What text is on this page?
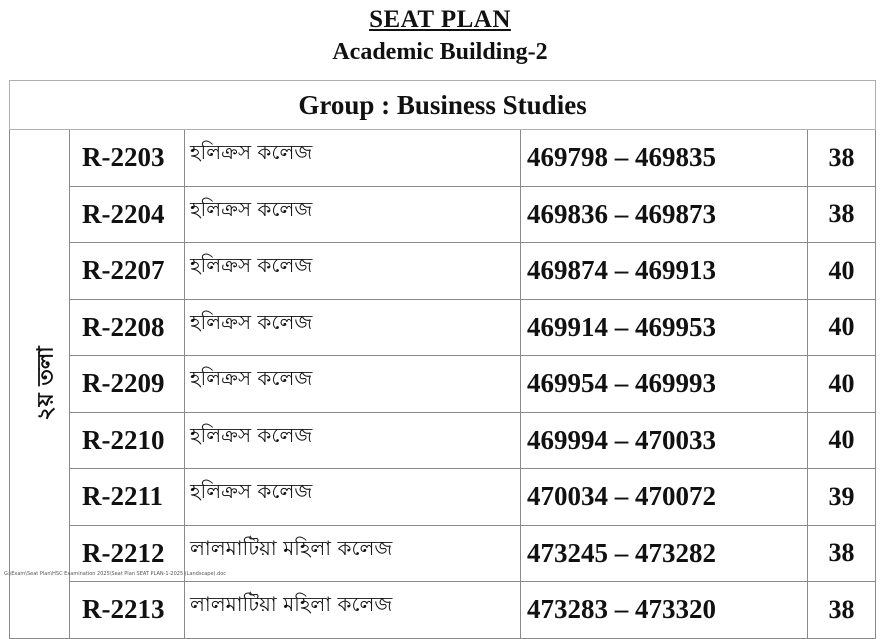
SEAT PLAN
Academic Building-2
Group : Business Studies				
২য় তলা	R-2203	হলিক্রস কলেজ	469798 – 469835	38
	R-2204	হলিক্রস কলেজ	469836 – 469873	38
	R-2207	হলিক্রস কলেজ	469874 – 469913	40
	R-2208	হলিক্রস কলেজ	469914 – 469953	40
	R-2209	হলিক্রস কলেজ	469954 – 469993	40
	R-2210	হলিক্রস কলেজ	469994 – 470033	40
	R-2211	হলিক্রস কলেজ	470034 – 470072	39
	R-2212	লালমাটিয়া মহিলা কলেজ	473245 – 473282	38
	R-2213	লালমাটিয়া মহিলা কলেজ	473283 – 473320	38
G:\Exam\Seat Plan\HSC Examination 2025\Seat Plan SEAT PLAN-1-2025 (Landscape).doc
